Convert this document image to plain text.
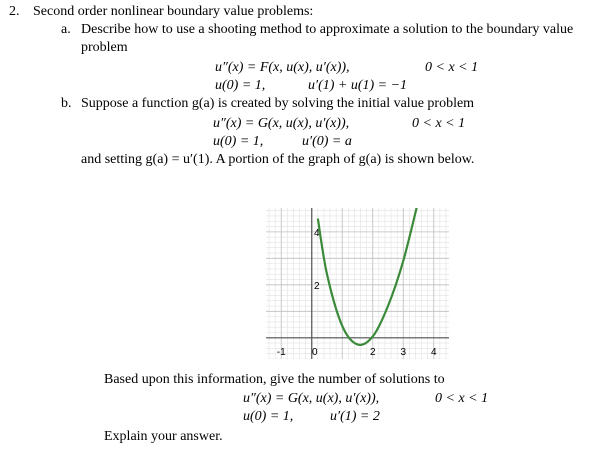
2. Second order nonlinear boundary value problems:
a. Describe how to use a shooting method to approximate a solution to the boundary value
problem
u″(x) = F(x, u(x), u′(x)),	0 < x < 1
u(0) = 1,	u′(1) + u(1) = −1
b. Suppose a function g(a) is created by solving the initial value problem
u″(x) = G(x, u(x), u′(x)),	0 < x < 1
u(0) = 1,	u′(0) = a
and setting g(a) = u′(1). A portion of the graph of g(a) is shown below.
-1	0	2 3 4
4
2
Based upon this information, give the number of solutions to
u″(x) = G(x, u(x), u′(x)),	0 < x < 1
u(0) = 1,	u′(1) = 2
Explain your answer.
